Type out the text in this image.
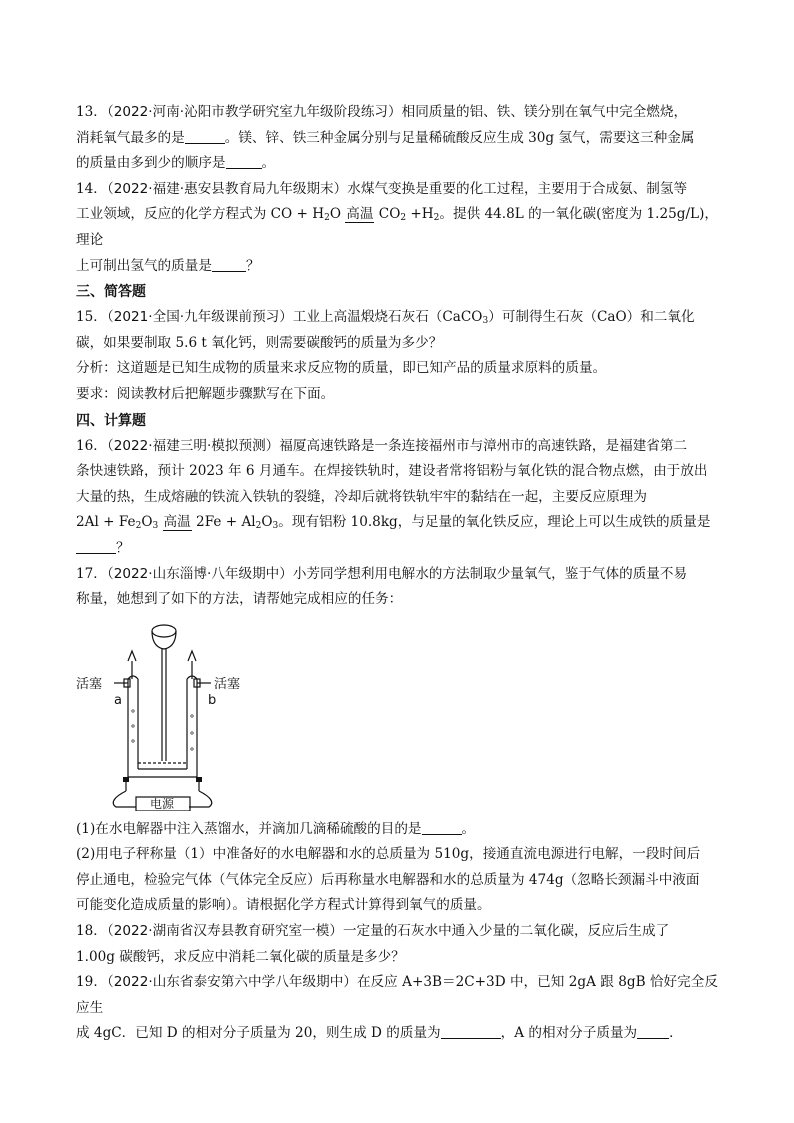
13．（2022·河南·沁阳市教学研究室九年级阶段练习）相同质量的铝、铁、镁分别在氧气中完全燃烧，

消耗氧气最多的是	。镁、锌、铁三种金属分别与足量稀硫酸反应生成 30g 氢气，需要这三种金属

的质量由多到少的顺序是	。

14．（2022·福建·惠安县教育局九年级期末）水煤气变换是重要的化工过程，主要用于合成氨、制氢等

工业领域，反应的化学方程式为 CO + $H_2O$ 高温 $CO_2 +H_2$。提供 44.8L 的一氧化碳(密度为 1.25g/L)，理论

上可制出氢气的质量是	？

三、简答题

15．（2021·全国·九年级课前预习）工业上高温煅烧石灰石（CaCO$_3$）可制得生石灰（CaO）和二氧化

碳，如果要制取 5.6 t 氧化钙，则需要碳酸钙的质量为多少？

分析：这道题是已知生成物的质量来求反应物的质量，即已知产品的质量求原料的质量。

要求：阅读教材后把解题步骤默写在下面。

四、计算题

16．（2022·福建三明·模拟预测）福厦高速铁路是一条连接福州市与漳州市的高速铁路，是福建省第二

条快速铁路，预计 2023 年 6 月通车。在焊接铁轨时，建设者常将铝粉与氧化铁的混合物点燃，由于放出

大量的热，生成熔融的铁流入铁轨的裂缝，冷却后就将铁轨牢牢的黏结在一起，主要反应原理为

$2Al + Fe_2O_3$ 高温 $2Fe + Al_2O_3$。现有铝粉 10.8kg，与足量的氧化铁反应，理论上可以生成铁的质量是

？

17．（2022·山东淄博·八年级期中）小芳同学想利用电解水的方法制取少量氧气，鉴于气体的质量不易

称量，她想到了如下的方法，请帮她完成相应的任务：

活塞	活塞
a	b
电源

(1)在水电解器中注入蒸馏水，并滴加几滴稀硫酸的目的是	。

(2)用电子秤称量（1）中准备好的水电解器和水的总质量为 510g，接通直流电源进行电解，一段时间后

停止通电，检验完气体（气体完全反应）后再称量水电解器和水的总质量为 474g（忽略长颈漏斗中液面

可能变化造成质量的影响）。请根据化学方程式计算得到氧气的质量。

18．（2022·湖南省汉寿县教育研究室一模）一定量的石灰水中通入少量的二氧化碳，反应后生成了

1.00g 碳酸钙，求反应中消耗二氧化碳的质量是多少？

19．（2022·山东省泰安第六中学八年级期中）在反应 A+3B＝2C+3D 中，已知 2gA 跟 8gB 恰好完全反应生

成 4gC．已知 D 的相对分子质量为 20，则生成 D 的质量为	，A 的相对分子质量为 ．
